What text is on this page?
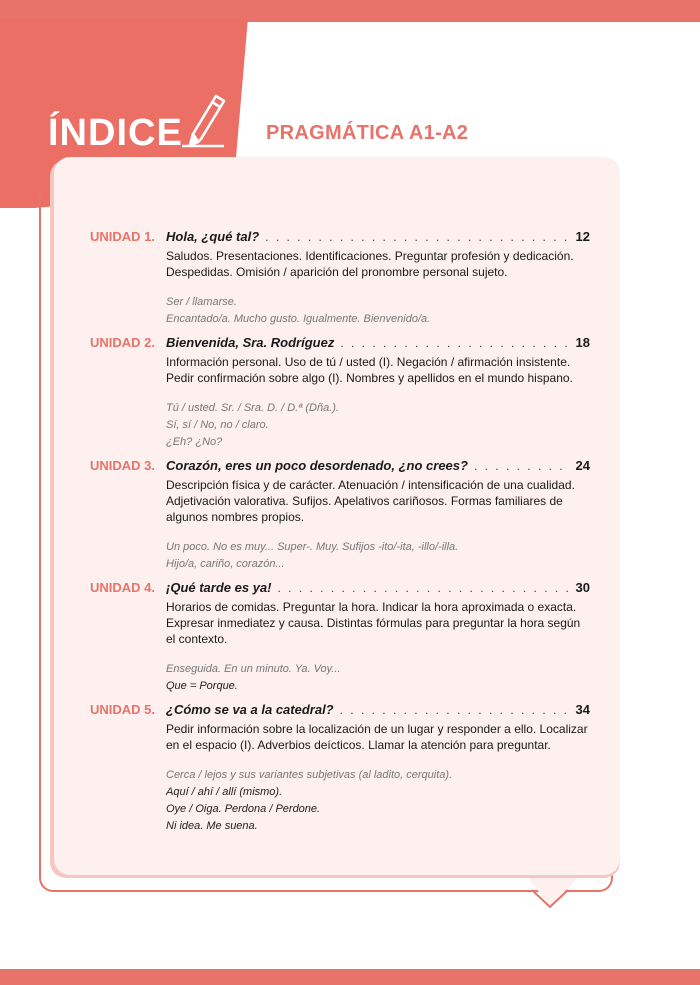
ÍNDICE	PRAGMÁTICA A1-A2
UNIDAD 1. Hola, ¿qué tal? . . .	12
Saludos. Presentaciones. Identificaciones. Preguntar profesión y dedicación. Despedidas. Omisión / aparición del pronombre personal sujeto.
Ser / llamarse.
Encantado/a. Mucho gusto. Igualmente. Bienvenido/a.
UNIDAD 2. Bienvenida, Sra. Rodríguez . . .	18
Información personal. Uso de tú / usted (I). Negación / afirmación insistente. Pedir confirmación sobre algo (I). Nombres y apellidos en el mundo hispano.
Tú / usted. Sr. / Sra. D. / D.ª (Dña.).
Sí, sí / No, no / claro.
¿Eh? ¿No?
UNIDAD 3. Corazón, eres un poco desordenado, ¿no crees? . . .	24
Descripción física y de carácter. Atenuación / intensificación de una cualidad. Adjetivación valorativa. Sufijos. Apelativos cariñosos. Formas familiares de algunos nombres propios.
Un poco. No es muy... Super-. Muy. Sufijos -ito/-ita, -illo/-illa.
Hijo/a, cariño, corazón...
UNIDAD 4. ¡Qué tarde es ya! . . .	30
Horarios de comidas. Preguntar la hora. Indicar la hora aproximada o exacta. Expresar inmediatez y causa. Distintas fórmulas para preguntar la hora según el contexto.
Enseguida. En un minuto. Ya. Voy...
Que = Porque.
UNIDAD 5. ¿Cómo se va a la catedral? . . .	34
Pedir información sobre la localización de un lugar y responder a ello. Localizar en el espacio (I). Adverbios deícticos. Llamar la atención para preguntar.
Cerca / lejos y sus variantes subjetivas (al ladito, cerquita).
Aquí / ahí / allí (mismo).
Oye / Oiga. Perdona / Perdone.
Ni idea. Me suena.
